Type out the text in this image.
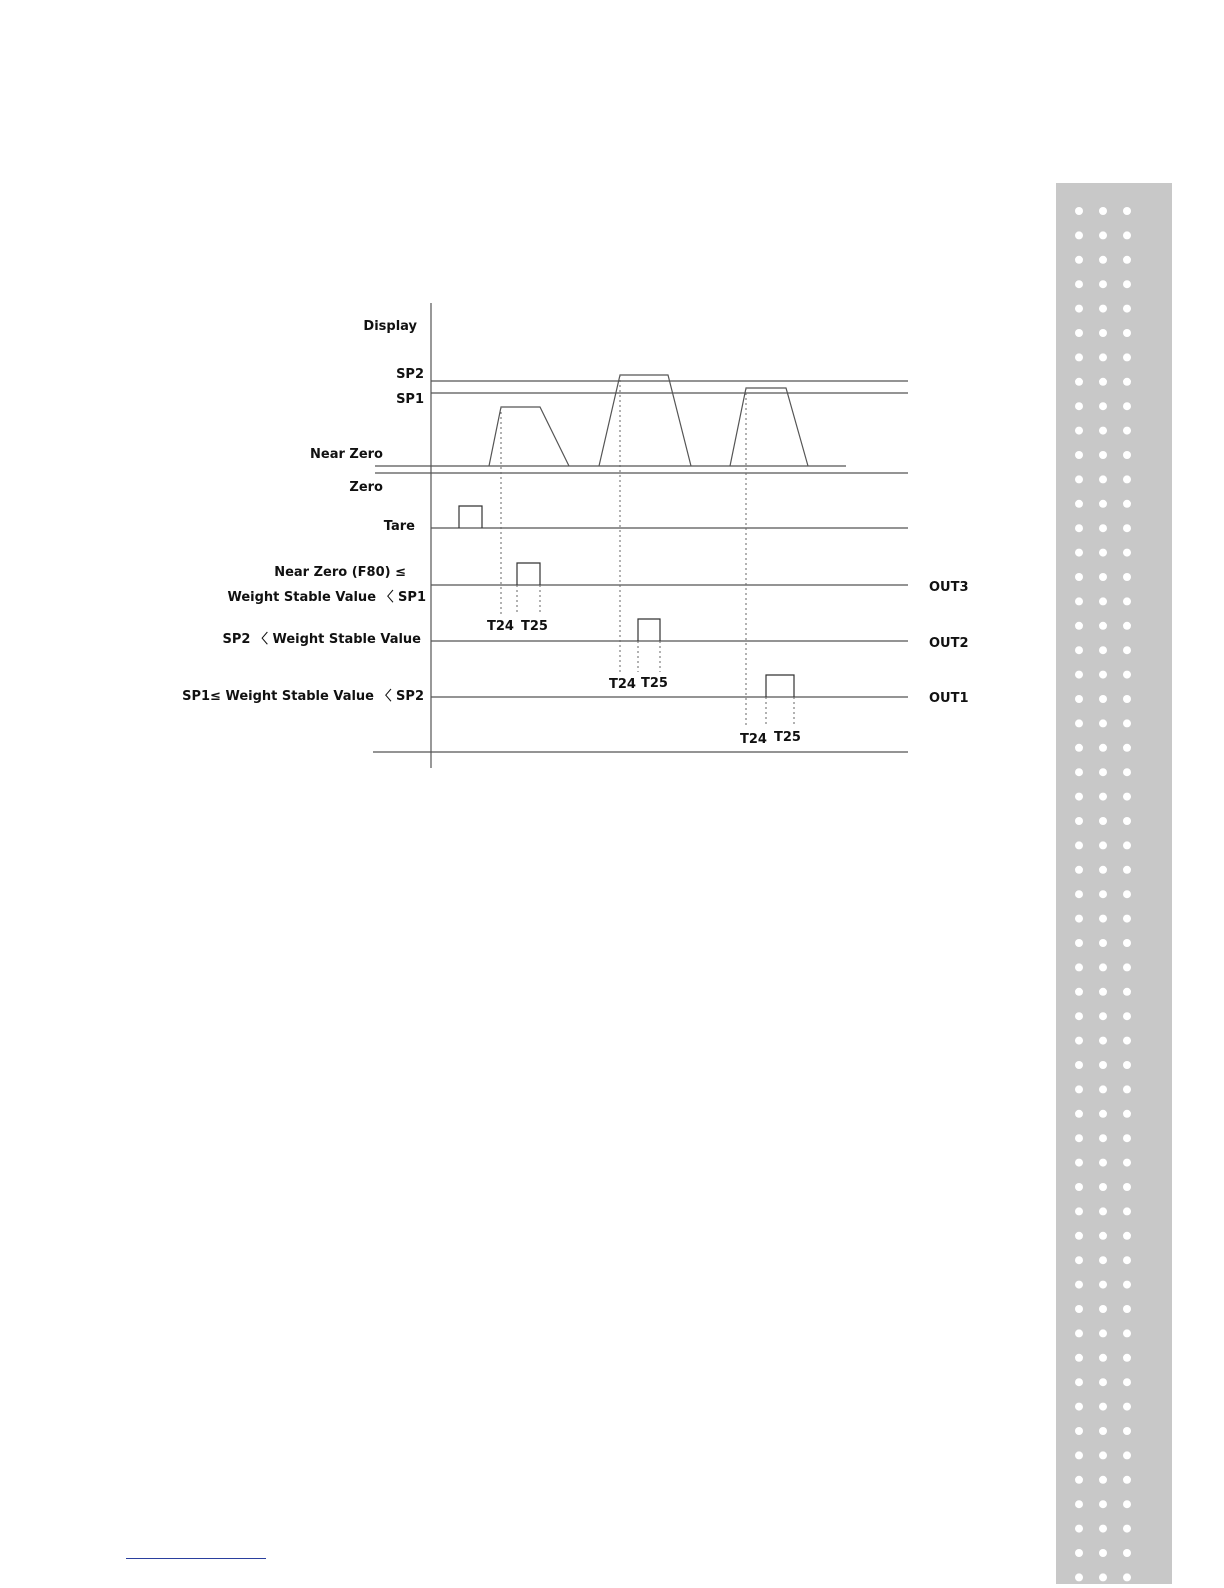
Display
SP2
SP1
Near Zero
Zero
Tare
Near Zero (F80) ≤
Weight Stable Value 〈 SP1
SP2 〈 Weight Stable Value
SP1≤ Weight Stable Value 〈 SP2
OUT3
OUT2
OUT1
T24 T25
T24 T25
T24 T25
